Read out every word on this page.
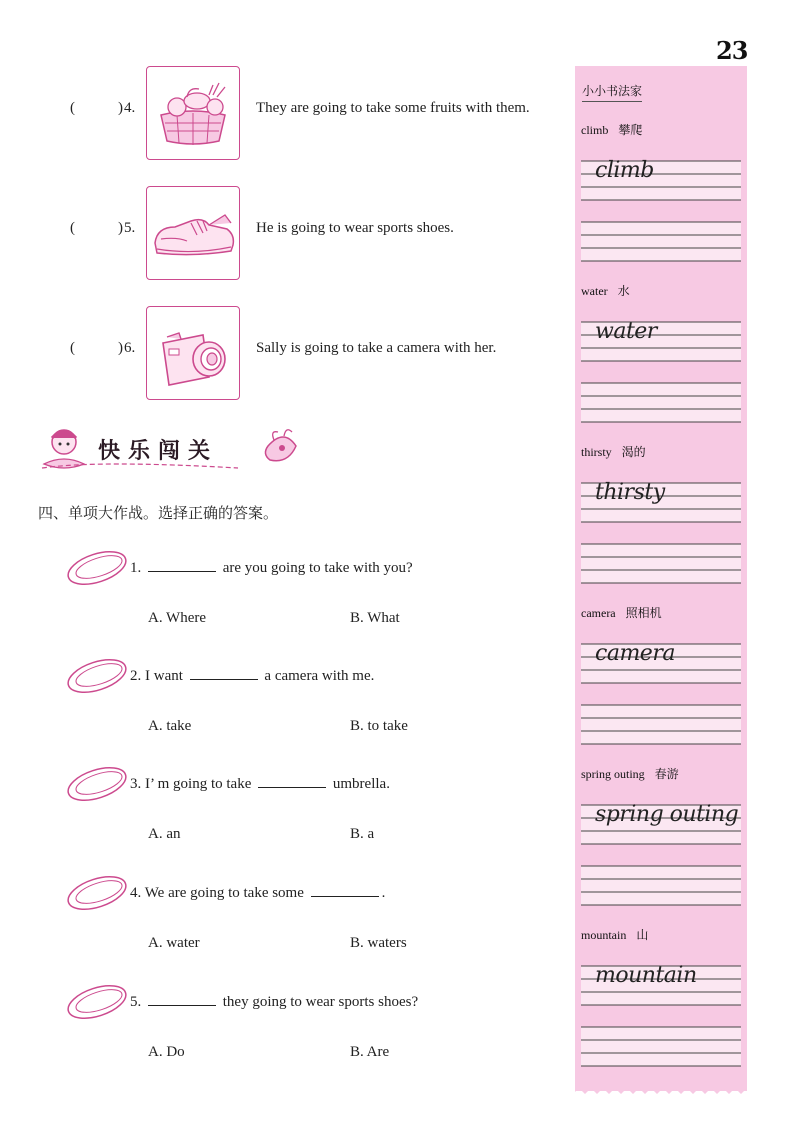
23
(	) 4.	They are going to take some fruits with them.
(	) 5.	He is going to wear sports shoes.
(	) 6.	Sally is going to take a camera with her.
快乐闯关
四、单项大作战。选择正确的答案。
1.	are you going to take with you?
A. Where	B. What
2. I want	a camera with me.
A. take	B. to take
3. I’ m going to take	umbrella.
A. an	B. a
4. We are going to take some	.
A. water	B. waters
5.	they going to wear sports shoes?
A. Do	B. Are
小小书法家
climb 攀爬
climb
water 水
water
thirsty 渴的
thirsty
camera 照相机
camera
spring outing 春游
spring outing
mountain 山
mountain
